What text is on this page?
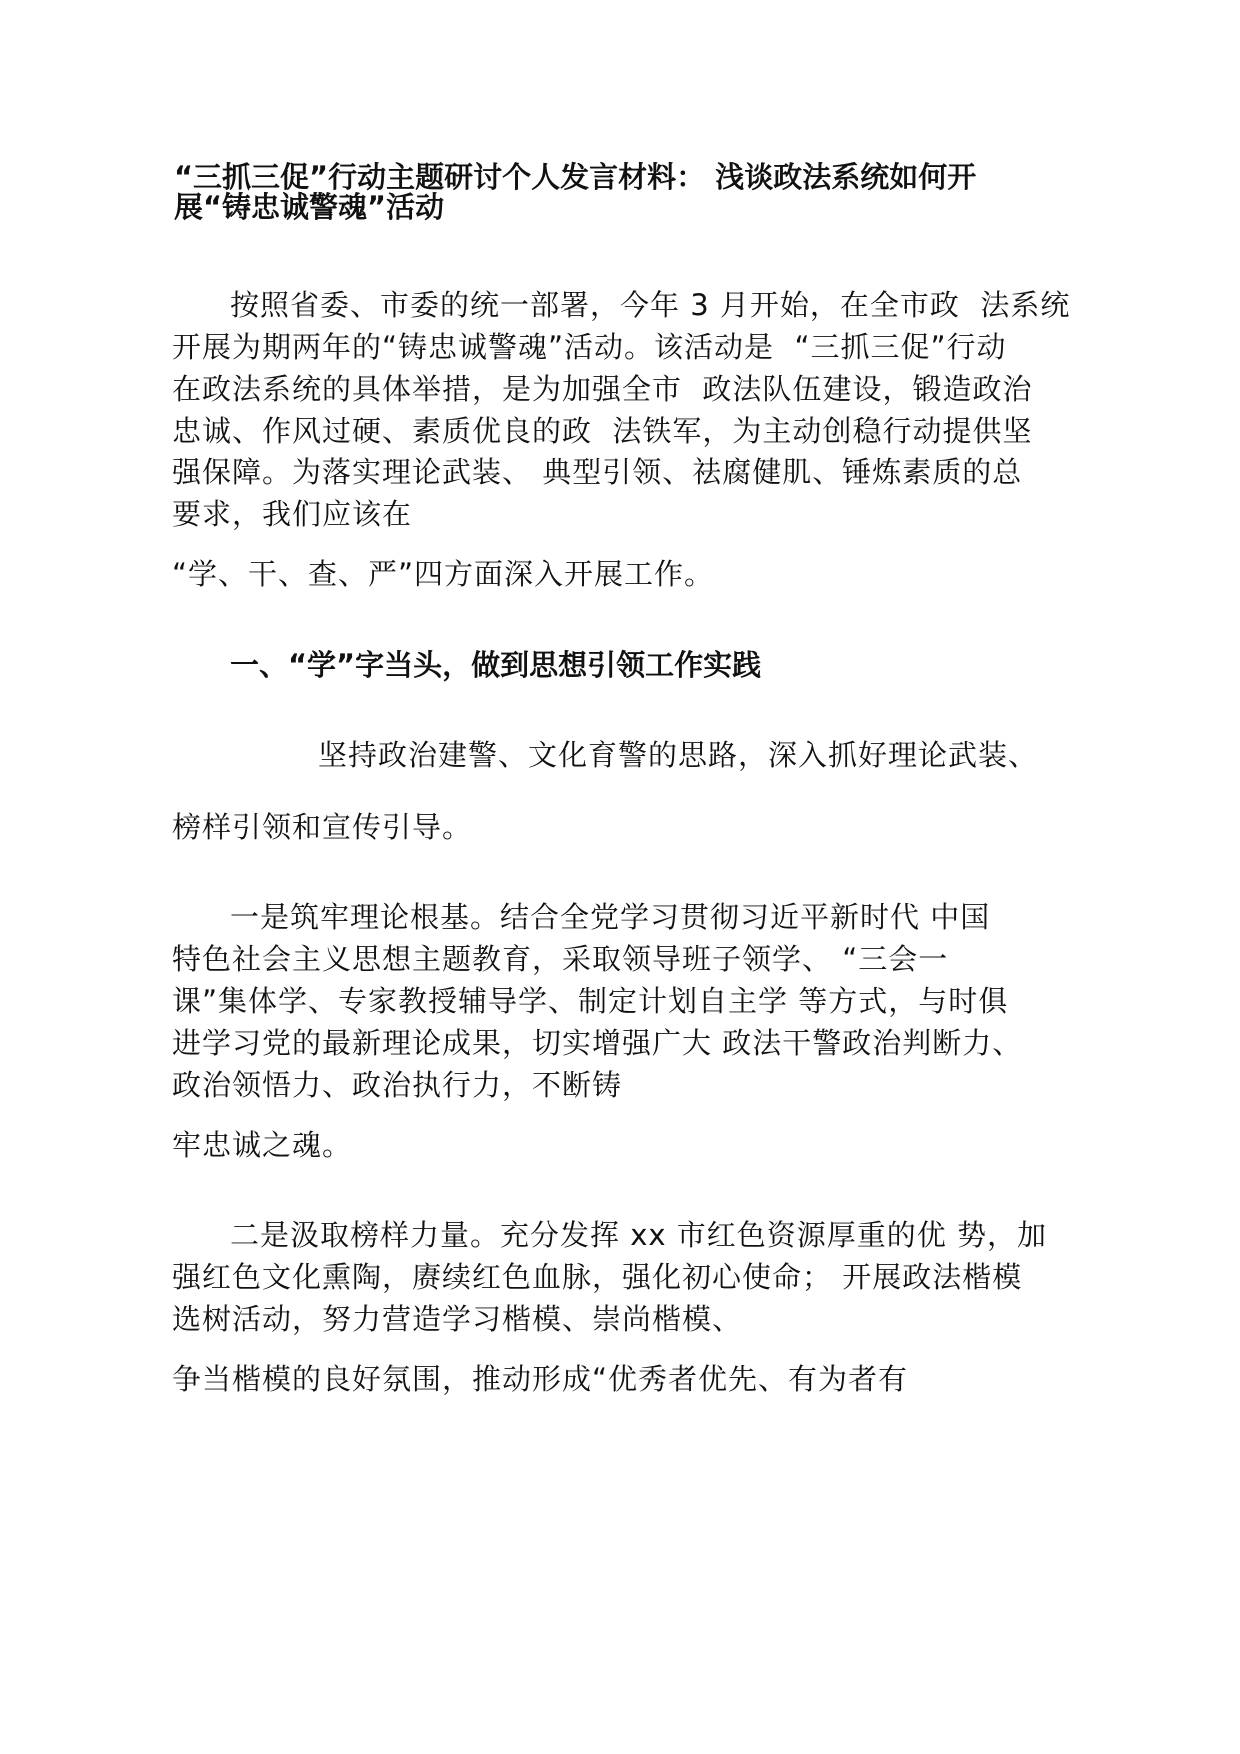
“三抓三促”行动主题研讨个人发言材料： 浅谈政法系统如何开
展“铸忠诚警魂”活动
按照省委、市委的统一部署，今年 3 月开始，在全市政  法系统
开展为期两年的“铸忠诚警魂”活动。该活动是  “三抓三促”行动
在政法系统的具体举措，是为加强全市  政法队伍建设，锻造政治
忠诚、作风过硬、素质优良的政  法铁军，为主动创稳行动提供坚
强保障。为落实理论武装、 典型引领、祛腐健肌、锤炼素质的总
要求，我们应该在
“学、干、查、严”四方面深入开展工作。
一、“学”字当头，做到思想引领工作实践
坚持政治建警、文化育警的思路，深入抓好理论武装、
榜样引领和宣传引导。
一是筑牢理论根基。结合全党学习贯彻习近平新时代 中国
特色社会主义思想主题教育，采取领导班子领学、 “三会一
课”集体学、专家教授辅导学、制定计划自主学 等方式，与时俱
进学习党的最新理论成果，切实增强广大 政法干警政治判断力、
政治领悟力、政治执行力，不断铸
牢忠诚之魂。
二是汲取榜样力量。充分发挥 xx 市红色资源厚重的优 势，加
强红色文化熏陶，赓续红色血脉，强化初心使命； 开展政法楷模
选树活动，努力营造学习楷模、崇尚楷模、
争当楷模的良好氛围，推动形成“优秀者优先、有为者有
